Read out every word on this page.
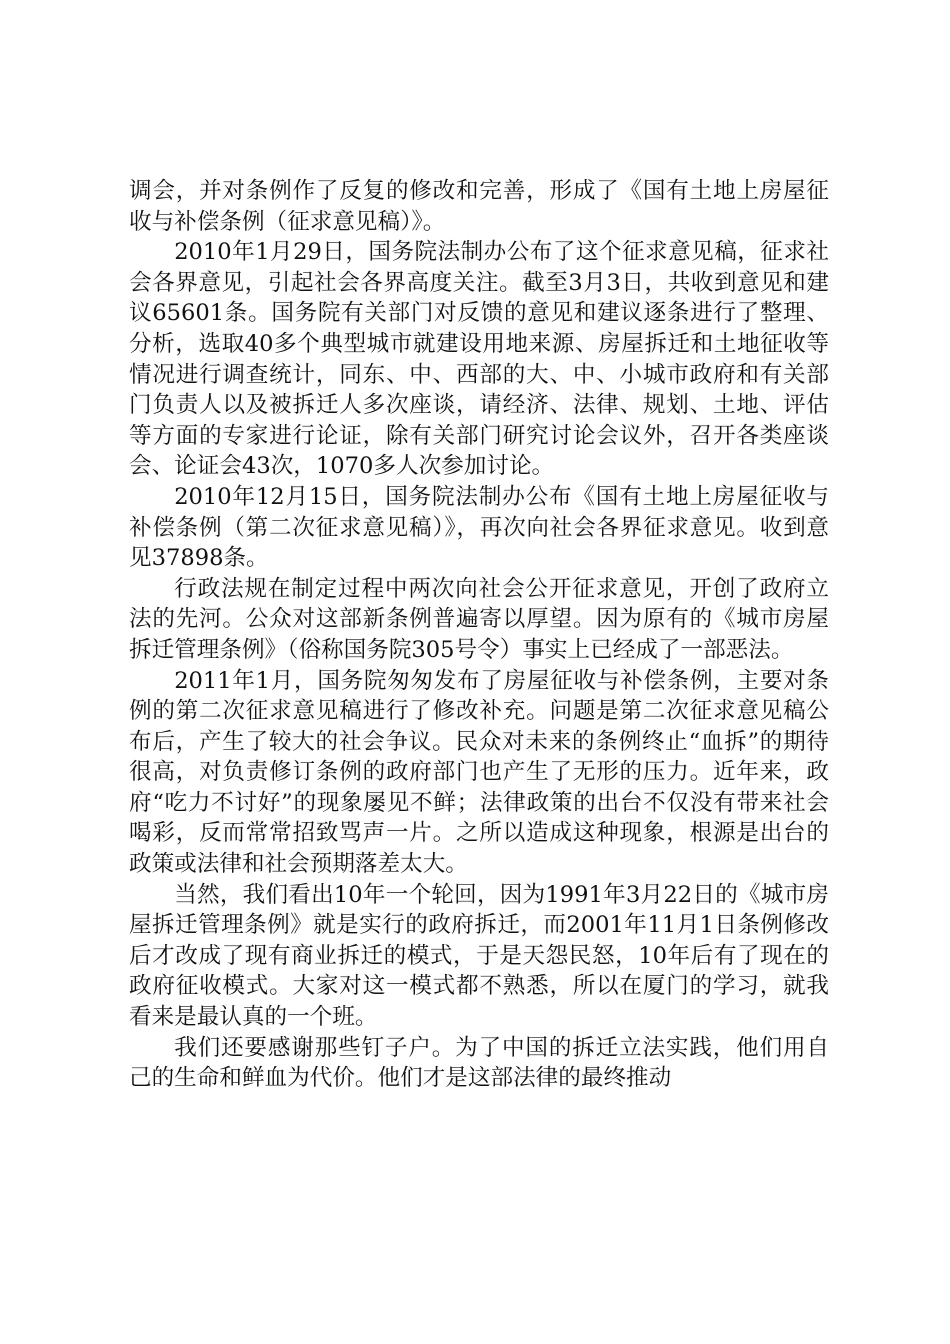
调会，并对条例作了反复的修改和完善，形成了《国有土地上房屋征收与补偿条例（征求意见稿）》。

2010年1月29日，国务院法制办公布了这个征求意见稿，征求社会各界意见，引起社会各界高度关注。截至3月3日，共收到意见和建议65601条。国务院有关部门对反馈的意见和建议逐条进行了整理、分析，选取40多个典型城市就建设用地来源、房屋拆迁和土地征收等情况进行调查统计，同东、中、西部的大、中、小城市政府和有关部门负责人以及被拆迁人多次座谈，请经济、法律、规划、土地、评估等方面的专家进行论证，除有关部门研究讨论会议外，召开各类座谈会、论证会43次，1070多人次参加讨论。

2010年12月15日，国务院法制办公布《国有土地上房屋征收与补偿条例（第二次征求意见稿）》，再次向社会各界征求意见。收到意见37898条。

行政法规在制定过程中两次向社会公开征求意见，开创了政府立法的先河。公众对这部新条例普遍寄以厚望。因为原有的《城市房屋拆迁管理条例》（俗称国务院305号令）事实上已经成了一部恶法。

2011年1月，国务院匆匆发布了房屋征收与补偿条例，主要对条例的第二次征求意见稿进行了修改补充。问题是第二次征求意见稿公布后，产生了较大的社会争议。民众对未来的条例终止“血拆”的期待很高，对负责修订条例的政府部门也产生了无形的压力。近年来，政府“吃力不讨好”的现象屡见不鲜；法律政策的出台不仅没有带来社会喝彩，反而常常招致骂声一片。之所以造成这种现象，根源是出台的政策或法律和社会预期落差太大。

当然，我们看出10年一个轮回，因为1991年3月22日的《城市房屋拆迁管理条例》就是实行的政府拆迁，而2001年11月1日条例修改后才改成了现有商业拆迁的模式，于是天怨民怒，10年后有了现在的政府征收模式。大家对这一模式都不熟悉，所以在厦门的学习，就我看来是最认真的一个班。

我们还要感谢那些钉子户。为了中国的拆迁立法实践，他们用自己的生命和鲜血为代价。他们才是这部法律的最终推动
